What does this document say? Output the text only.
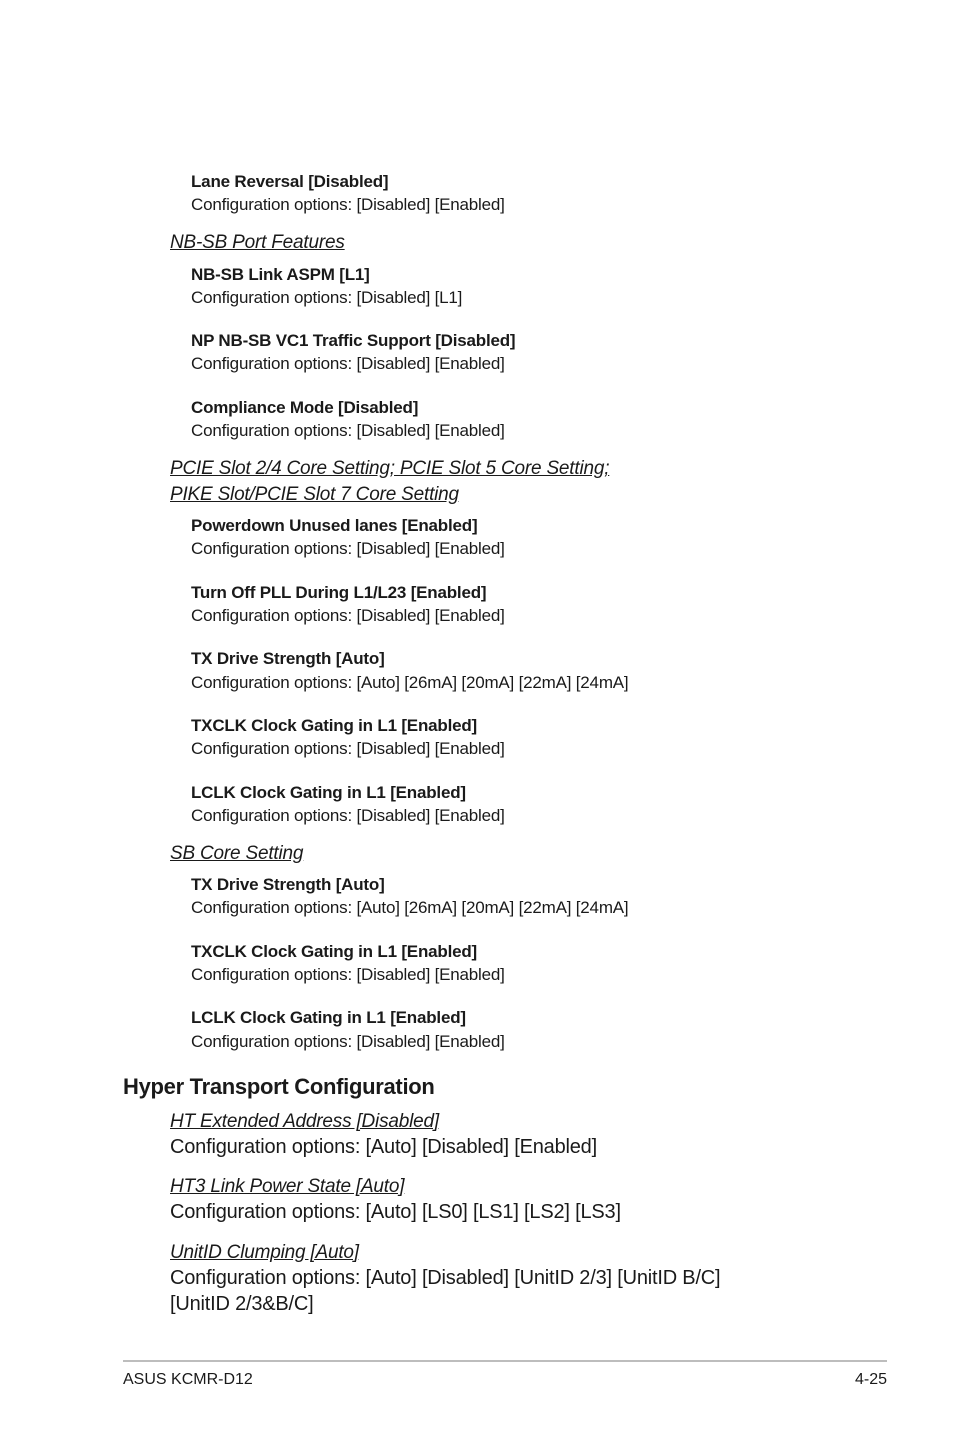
Lane Reversal [Disabled]
Configuration options: [Disabled] [Enabled]
NB-SB Port Features
NB-SB Link ASPM [L1]
Configuration options: [Disabled] [L1]
NP NB-SB VC1 Traffic Support [Disabled]
Configuration options: [Disabled] [Enabled]
Compliance Mode [Disabled]
Configuration options: [Disabled] [Enabled]
PCIE Slot 2/4 Core Setting; PCIE Slot 5 Core Setting;
PIKE Slot/PCIE Slot 7 Core Setting
Powerdown Unused lanes [Enabled]
Configuration options: [Disabled] [Enabled]
Turn Off PLL During L1/L23 [Enabled]
Configuration options: [Disabled] [Enabled]
TX Drive Strength [Auto]
Configuration options: [Auto] [26mA] [20mA] [22mA] [24mA]
TXCLK Clock Gating in L1 [Enabled]
Configuration options: [Disabled] [Enabled]
LCLK Clock Gating in L1 [Enabled]
Configuration options: [Disabled] [Enabled]
SB Core Setting
TX Drive Strength [Auto]
Configuration options: [Auto] [26mA] [20mA] [22mA] [24mA]
TXCLK Clock Gating in L1 [Enabled]
Configuration options: [Disabled] [Enabled]
LCLK Clock Gating in L1 [Enabled]
Configuration options: [Disabled] [Enabled]
Hyper Transport Configuration
HT Extended Address [Disabled]
Configuration options: [Auto] [Disabled] [Enabled]
HT3 Link Power State [Auto]
Configuration options: [Auto] [LS0] [LS1] [LS2] [LS3]
UnitID Clumping [Auto]
Configuration options: [Auto] [Disabled] [UnitID 2/3] [UnitID B/C]
[UnitID 2/3&B/C]
ASUS KCMR-D12	4-25
